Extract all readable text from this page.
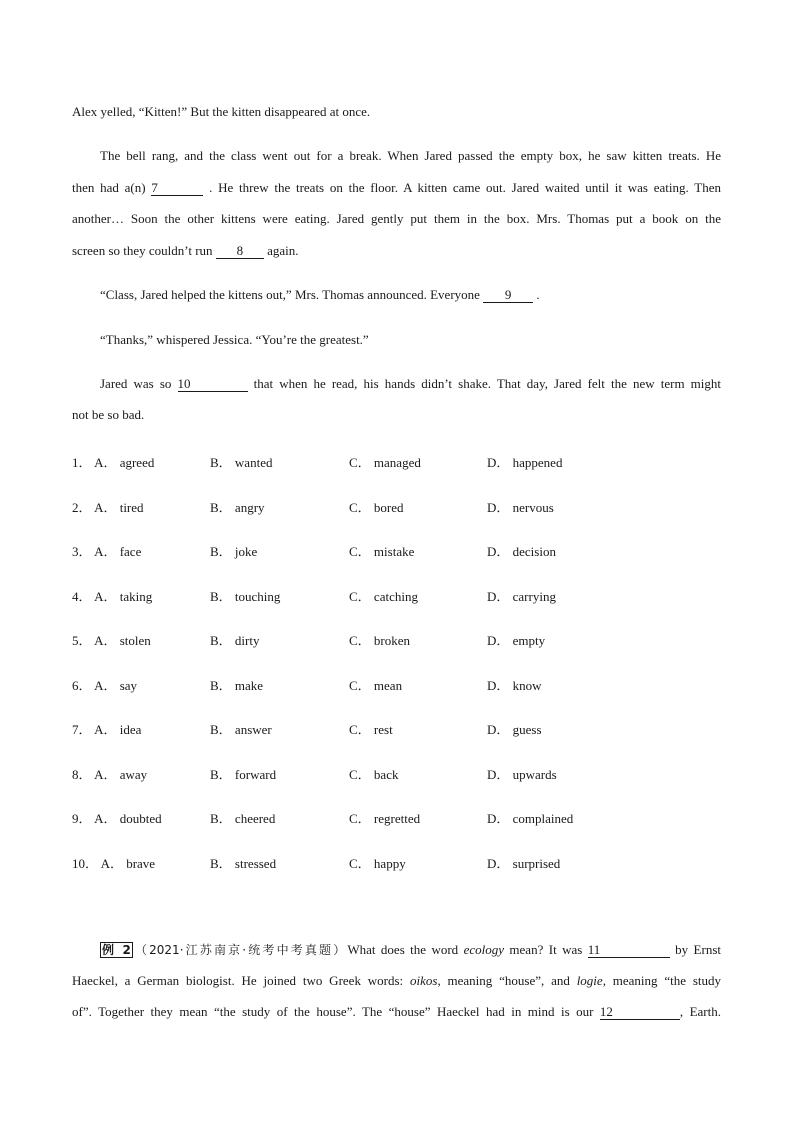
Alex yelled, “Kitten!” But the kitten disappeared at once.
The bell rang, and the class went out for a break. When Jared passed the empty box, he saw kitten treats. He
then had a(n) 7	. He threw the treats on the floor. A kitten came out. Jared waited until it was eating. Then
another… Soon the other kittens were eating. Jared gently put them in the box. Mrs. Thomas put a book on the
screen so they couldn’t run 8 again.
“Class, Jared helped the kittens out,” Mrs. Thomas announced. Everyone 9 .
“Thanks,” whispered Jessica. “You’re the greatest.”
Jared was so 10	that when he read, his hands didn’t shake. That day, Jared felt the new term might
not be so bad.
1． A． agreed	B． wanted	C． managed	D． happened
2． A． tired	B． angry	C． bored	D． nervous
3． A． face	B． joke	C． mistake	D． decision
4． A． taking	B． touching	C． catching	D． carrying
5． A． stolen	B． dirty	C． broken	D． empty
6． A． say	B． make	C． mean	D． know
7． A． idea	B． answer	C． rest	D． guess
8． A． away	B． forward	C． back	D． upwards
9． A． doubted	B． cheered	C． regretted	D． complained
10． A． brave	B． stressed	C． happy	D． surprised
例 2 （2021·江苏南京·统考中考真题）What does the word ecology mean? It was 11	by Ernst
Haeckel, a German biologist. He joined two Greek words: oikos, meaning “house”, and logie, meaning “the study
of”. Together they mean “the study of the house”. The “house” Haeckel had in mind is our 12	, Earth.
